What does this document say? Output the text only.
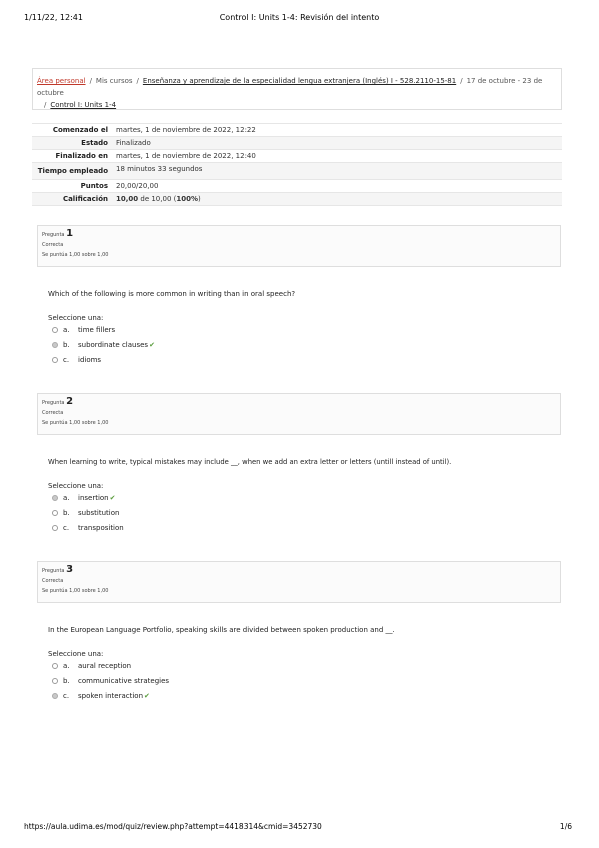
1/11/22, 12:41	Control I: Units 1-4: Revisión del intento
Área personal / Mis cursos / Enseñanza y aprendizaje de la especialidad lengua extranjera (Inglés) I - 528.2110-15-81 / 17 de octubre - 23 de octubre
/ Control I: Units 1-4
Comenzado el	martes, 1 de noviembre de 2022, 12:22
Estado	Finalizado
Finalizado en	martes, 1 de noviembre de 2022, 12:40
Tiempo empleado	18 minutos 33 segundos
Puntos	20,00/20,00
Calificación	10,00 de 10,00 (100%)
Pregunta 1
Correcta
Se puntúa 1,00 sobre 1,00
Which of the following is more common in writing than in oral speech?
Seleccione una:
a. time fillers
b. subordinate clauses✔
c. idioms
Pregunta 2
Correcta
Se puntúa 1,00 sobre 1,00
When learning to write, typical mistakes may include __, when we add an extra letter or letters (untill instead of until).
Seleccione una:
a. insertion✔
b. substitution
c. transposition
Pregunta 3
Correcta
Se puntúa 1,00 sobre 1,00
In the European Language Portfolio, speaking skills are divided between spoken production and __.
Seleccione una:
a. aural reception
b. communicative strategies
c. spoken interaction✔
https://aula.udima.es/mod/quiz/review.php?attempt=4418314&cmid=3452730	1/6
